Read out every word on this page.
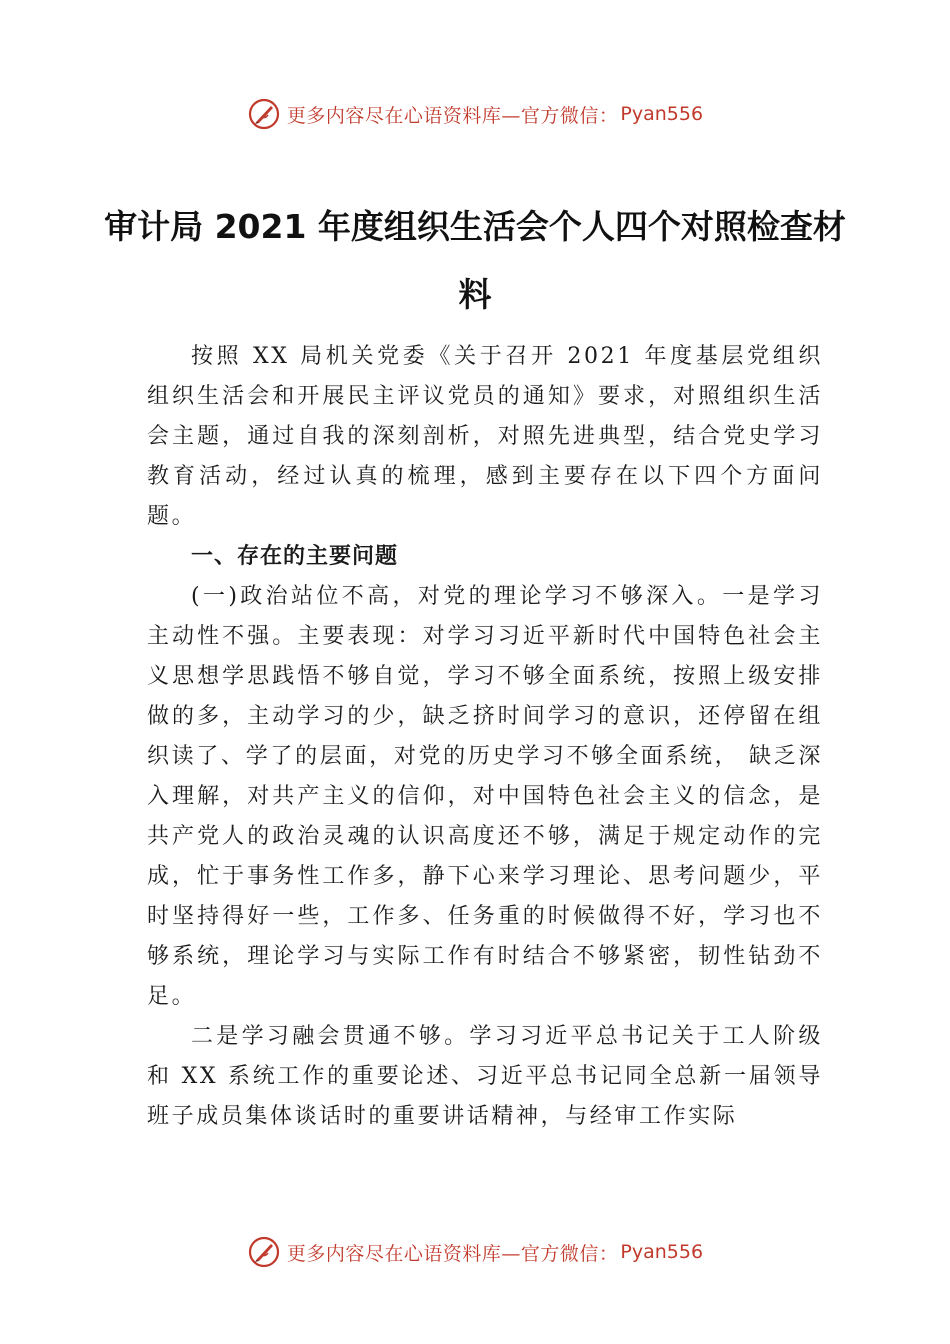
更多内容尽在心语资料库—官方微信： Pyan556
审计局 2021 年度组织生活会个人四个对照检查材料

按照 XX 局机关党委《关于召开 2021 年度基层党组织组织生活会和开展民主评议党员的通知》要求，对照组织生活会主题，通过自我的深刻剖析，对照先进典型，结合党史学习教育活动，经过认真的梳理，感到主要存在以下四个方面问题。

一、存在的主要问题

(一)政治站位不高，对党的理论学习不够深入。一是学习主动性不强。主要表现：对学习习近平新时代中国特色社会主义思想学思践悟不够自觉，学习不够全面系统，按照上级安排做的多，主动学习的少，缺乏挤时间学习的意识，还停留在组织读了、学了的层面，对党的历史学习不够全面系统， 缺乏深入理解，对共产主义的信仰，对中国特色社会主义的信念，是共产党人的政治灵魂的认识高度还不够，满足于规定动作的完成，忙于事务性工作多，静下心来学习理论、思考问题少，平时坚持得好一些，工作多、任务重的时候做得不好，学习也不够系统，理论学习与实际工作有时结合不够紧密，韧性钻劲不足。

二是学习融会贯通不够。学习习近平总书记关于工人阶级和 XX 系统工作的重要论述、习近平总书记同全总新一届领导班子成员集体谈话时的重要讲话精神，与经审工作实际

更多内容尽在心语资料库—官方微信： Pyan556
